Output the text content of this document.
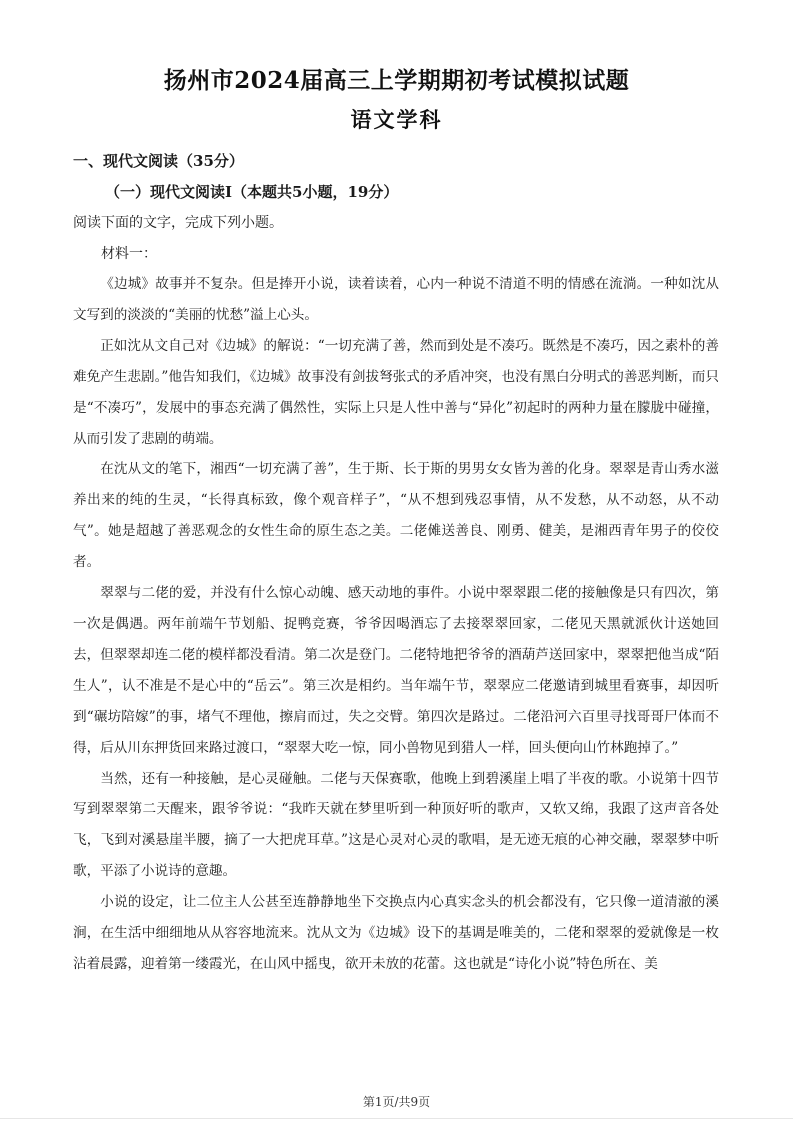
扬州市2024届高三上学期期初考试模拟试题
语文学科
一、现代文阅读（35分）
（一）现代文阅读Ⅰ（本题共5小题，19分）
阅读下面的文字，完成下列小题。
材料一：

《边城》故事并不复杂。但是捧开小说，读着读着，心内一种说不清道不明的情感在流淌。一种如沈从文写到的淡淡的“美丽的忧愁”溢上心头。

正如沈从文自己对《边城》的解说：“一切充满了善，然而到处是不凑巧。既然是不凑巧，因之素朴的善难免产生悲剧。”他告知我们，《边城》故事没有剑拔弩张式的矛盾冲突，也没有黑白分明式的善恶判断，而只是“不凑巧”，发展中的事态充满了偶然性，实际上只是人性中善与“异化”初起时的两种力量在朦胧中碰撞，从而引发了悲剧的萌端。

在沈从文的笔下，湘西“一切充满了善”，生于斯、长于斯的男男女女皆为善的化身。翠翠是青山秀水滋养出来的纯的生灵，“长得真标致，像个观音样子”，“从不想到残忍事情，从不发愁，从不动怒，从不动气”。她是超越了善恶观念的女性生命的原生态之美。二佬傩送善良、刚勇、健美，是湘西青年男子的佼佼者。

翠翠与二佬的爱，并没有什么惊心动魄、感天动地的事件。小说中翠翠跟二佬的接触像是只有四次，第一次是偶遇。两年前端午节划船、捉鸭竞赛，爷爷因喝酒忘了去接翠翠回家，二佬见天黑就派伙计送她回去，但翠翠却连二佬的模样都没看清。第二次是登门。二佬特地把爷爷的酒葫芦送回家中，翠翠把他当成“陌生人”，认不准是不是心中的“岳云”。第三次是相约。当年端午节，翠翠应二佬邀请到城里看赛事，却因听到“碾坊陪嫁”的事，堵气不理他，擦肩而过，失之交臂。第四次是路过。二佬沿河六百里寻找哥哥尸体而不得，后从川东押货回来路过渡口，“翠翠大吃一惊，同小兽物见到猎人一样，回头便向山竹林跑掉了。”

当然，还有一种接触，是心灵碰触。二佬与天保赛歌，他晚上到碧溪崖上唱了半夜的歌。小说第十四节写到翠翠第二天醒来，跟爷爷说：“我昨天就在梦里听到一种顶好听的歌声，又软又绵，我跟了这声音各处飞，飞到对溪悬崖半腰，摘了一大把虎耳草。”这是心灵对心灵的歌唱，是无迹无痕的心神交融，翠翠梦中听歌，平添了小说诗的意趣。

小说的设定，让二位主人公甚至连静静地坐下交换点内心真实念头的机会都没有，它只像一道清澈的溪涧，在生活中细细地从从容容地流来。沈从文为《边城》设下的基调是唯美的，二佬和翠翠的爱就像是一枚沾着晨露，迎着第一缕霞光，在山风中摇曳，欲开未放的花蕾。这也就是“诗化小说”特色所在、美

第1页/共9页
